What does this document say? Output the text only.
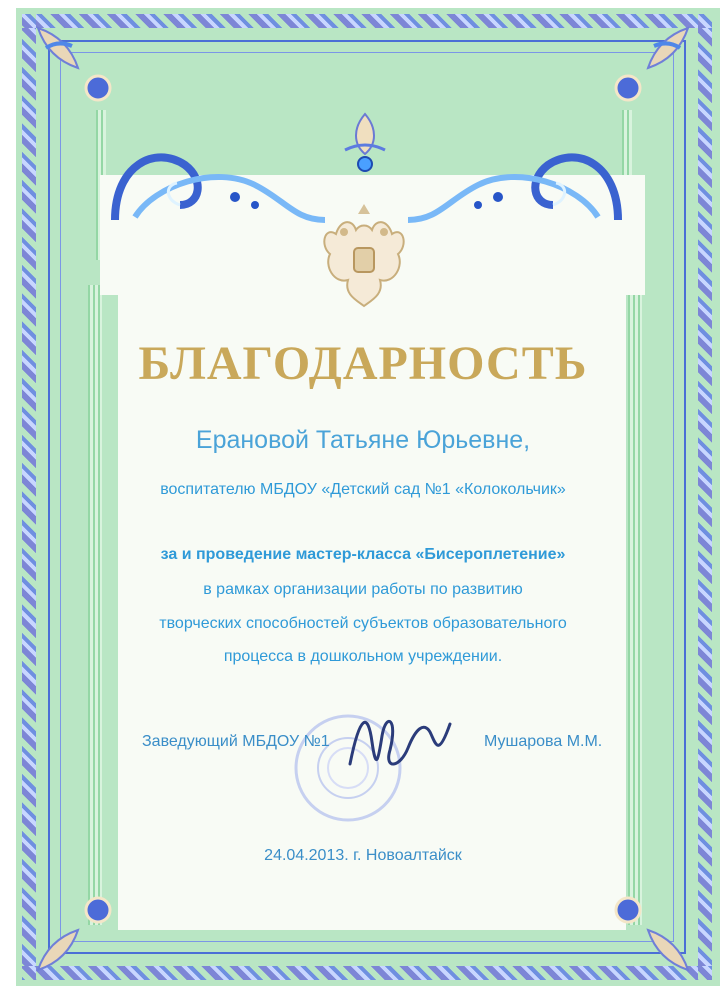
БЛАГОДАРНОСТЬ

Ерановой Татьяне Юрьевне,

воспитателю МБДОУ «Детский сад №1 «Колокольчик»

за и проведение мастер-класса «Бисероплетение»

в рамках организации работы по развитию

творческих способностей субъектов образовательного

процесса в дошкольном учреждении.

Заведующий МБДОУ №1	Мушарова М.М.

24.04.2013. г. Новоалтайск
